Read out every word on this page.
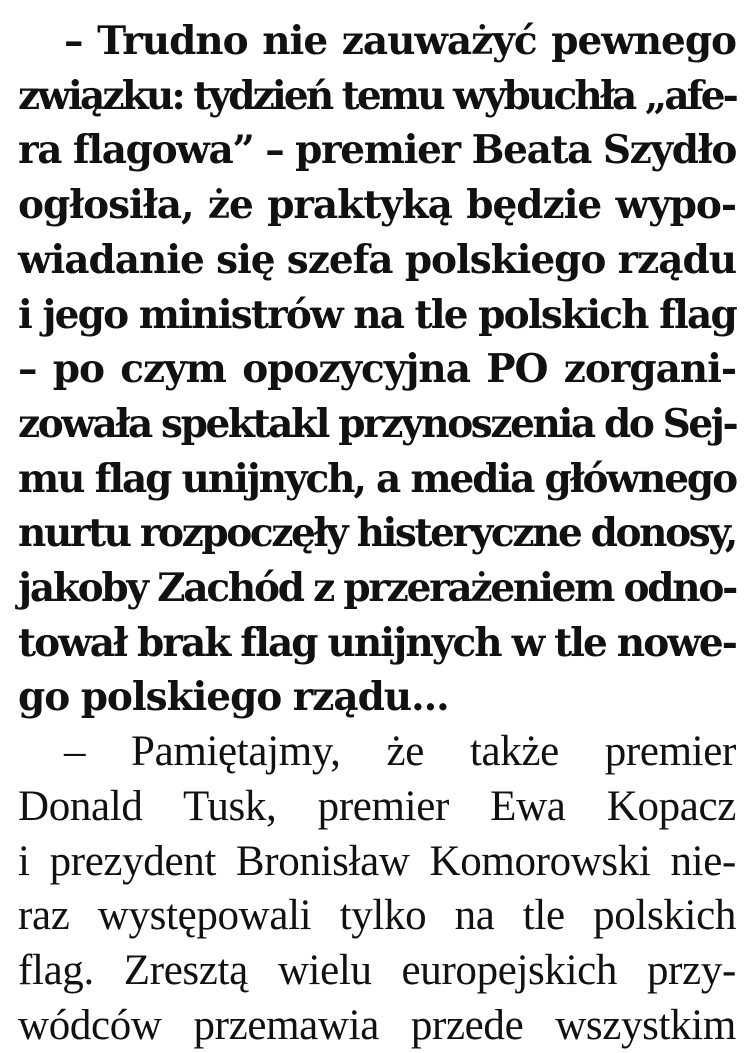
– Trudno nie zauważyć pewnego
związku: tydzień temu wybuchła „afe-
ra flagowa” – premier Beata Szydło
ogłosiła, że praktyką będzie wypo-
wiadanie się szefa polskiego rządu
i jego ministrów na tle polskich flag
– po czym opozycyjna PO zorgani-
zowała spektakl przynoszenia do Sej-
mu flag unijnych, a media głównego
nurtu rozpoczęły histeryczne donosy,
jakoby Zachód z przerażeniem odno-
tował brak flag unijnych w tle nowe-
go polskiego rządu...

– Pamiętajmy, że także premier
Donald Tusk, premier Ewa Kopacz
i prezydent Bronisław Komorowski nie-
raz występowali tylko na tle polskich
flag. Zresztą wielu europejskich przy-
wódców przemawia przede wszystkim
